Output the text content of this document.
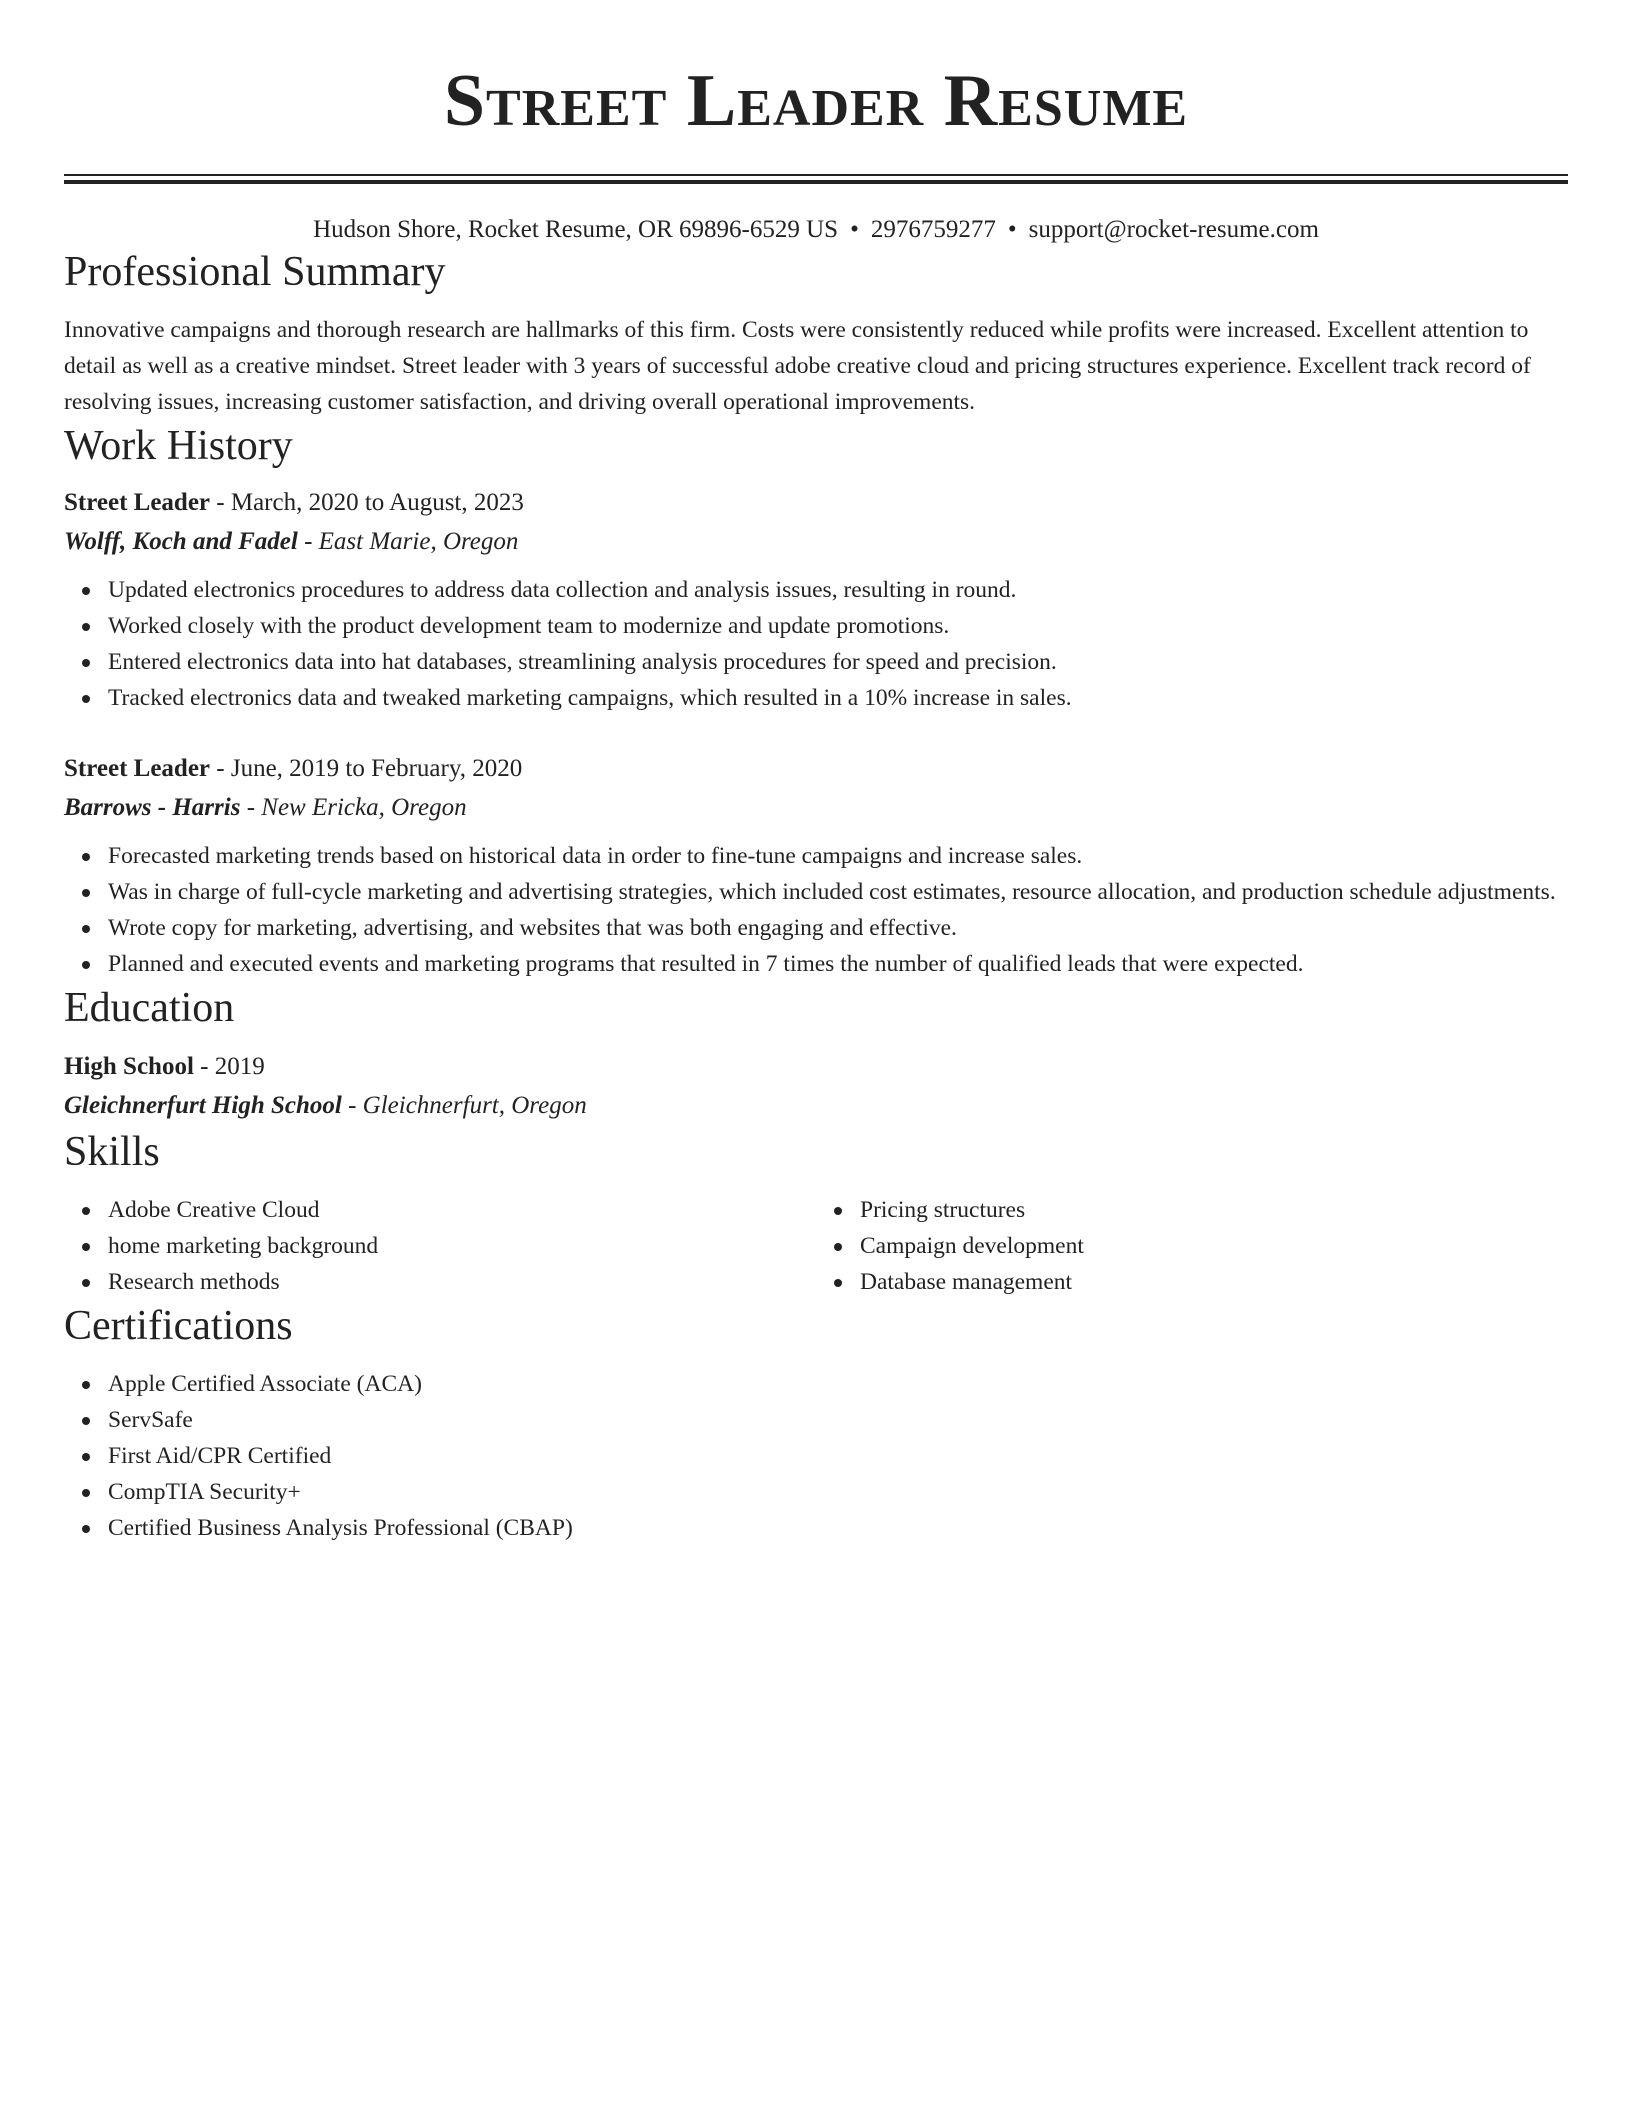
Street Leader Resume
Hudson Shore, Rocket Resume, OR 69896-6529 US • 2976759277 • support@rocket-resume.com
Professional Summary
Innovative campaigns and thorough research are hallmarks of this firm. Costs were consistently reduced while profits were increased. Excellent attention to detail as well as a creative mindset. Street leader with 3 years of successful adobe creative cloud and pricing structures experience. Excellent track record of resolving issues, increasing customer satisfaction, and driving overall operational improvements.
Work History
Street Leader - March, 2020 to August, 2023
Wolff, Koch and Fadel - East Marie, Oregon
Updated electronics procedures to address data collection and analysis issues, resulting in round.
Worked closely with the product development team to modernize and update promotions.
Entered electronics data into hat databases, streamlining analysis procedures for speed and precision.
Tracked electronics data and tweaked marketing campaigns, which resulted in a 10% increase in sales.
Street Leader - June, 2019 to February, 2020
Barrows - Harris - New Ericka, Oregon
Forecasted marketing trends based on historical data in order to fine-tune campaigns and increase sales.
Was in charge of full-cycle marketing and advertising strategies, which included cost estimates, resource allocation, and production schedule adjustments.
Wrote copy for marketing, advertising, and websites that was both engaging and effective.
Planned and executed events and marketing programs that resulted in 7 times the number of qualified leads that were expected.
Education
High School - 2019
Gleichnerfurt High School - Gleichnerfurt, Oregon
Skills
Adobe Creative Cloud
home marketing background
Research methods
Pricing structures
Campaign development
Database management
Certifications
Apple Certified Associate (ACA)
ServSafe
First Aid/CPR Certified
CompTIA Security+
Certified Business Analysis Professional (CBAP)
